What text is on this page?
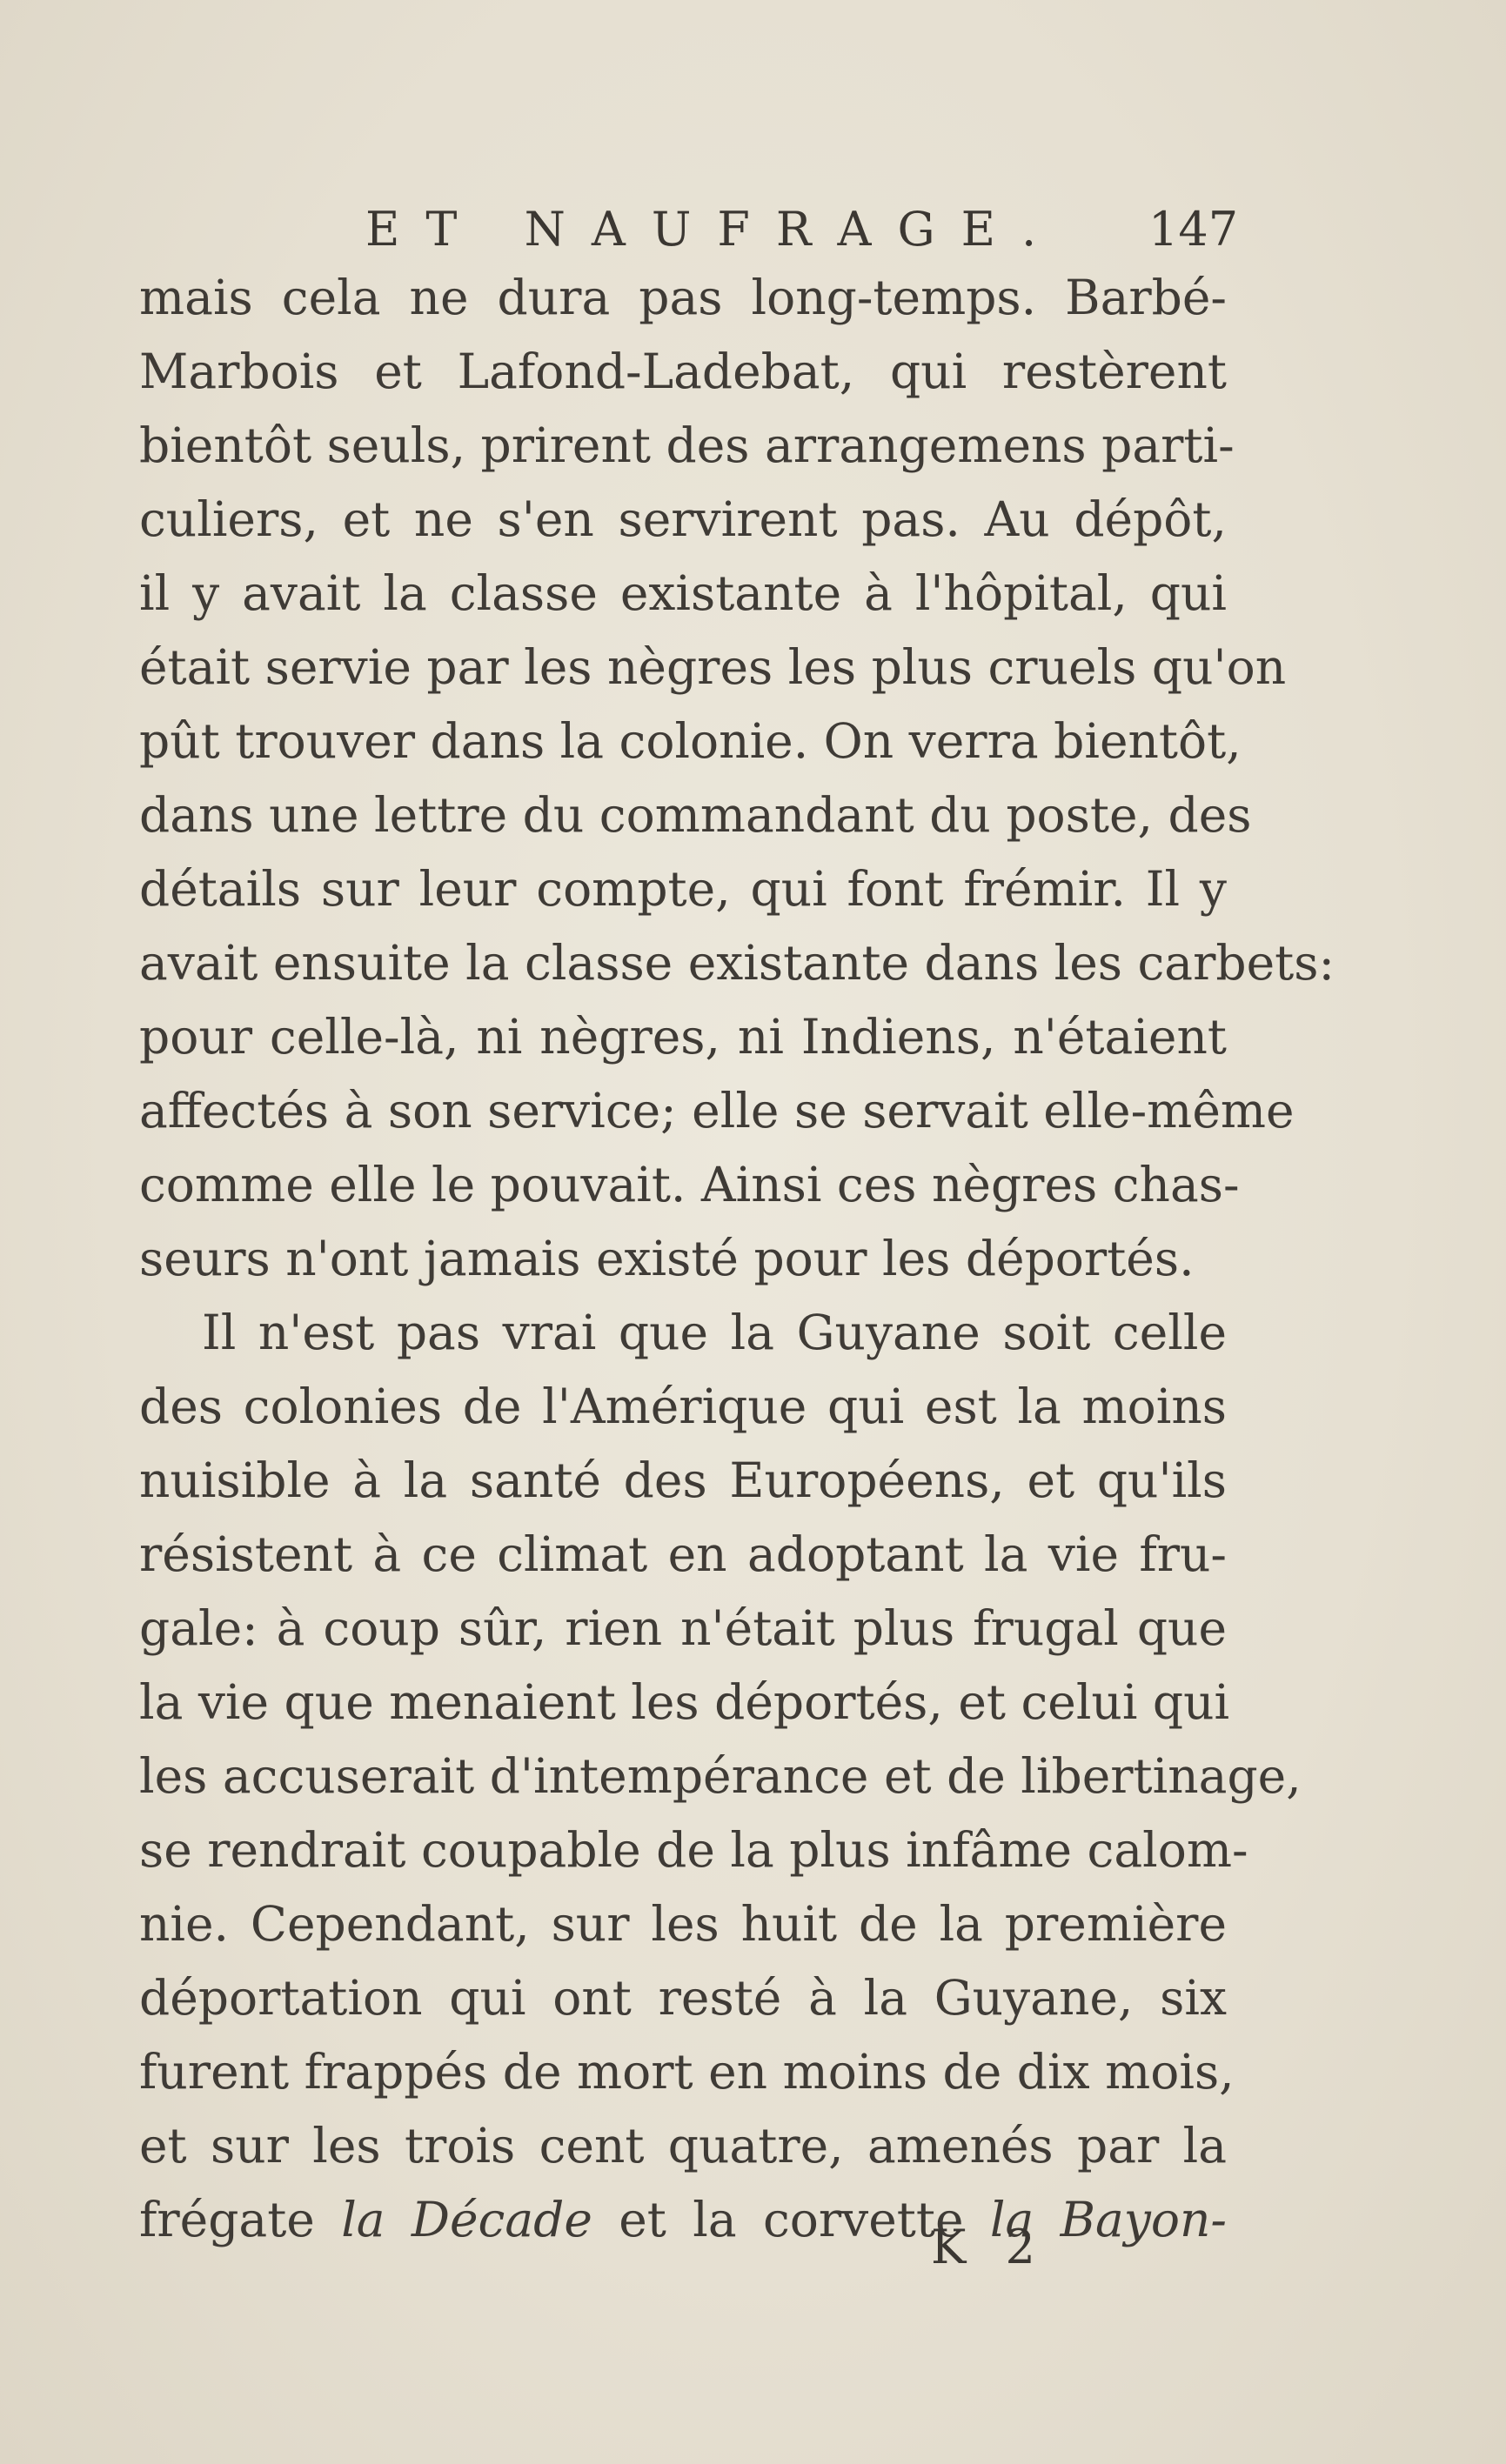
ET NAUFRAGE. 147
mais cela ne dura pas long-temps. Barbé-
Marbois et Lafond-Ladebat, qui restèrent
bientôt seuls, prirent des arrangemens parti-
culiers, et ne s'en servirent pas. Au dépôt,
il y avait la classe existante à l'hôpital, qui
était servie par les nègres les plus cruels qu'on
pût trouver dans la colonie. On verra bientôt,
dans une lettre du commandant du poste, des
détails sur leur compte, qui font frémir. Il y
avait ensuite la classe existante dans les carbets:
pour celle-là, ni nègres, ni Indiens, n'étaient
affectés à son service; elle se servait elle-même
comme elle le pouvait. Ainsi ces nègres chas-
seurs n'ont jamais existé pour les déportés.
Il n'est pas vrai que la Guyane soit celle
des colonies de l'Amérique qui est la moins
nuisible à la santé des Européens, et qu'ils
résistent à ce climat en adoptant la vie fru-
gale: à coup sûr, rien n'était plus frugal que
la vie que menaient les déportés, et celui qui
les accuserait d'intempérance et de libertinage,
se rendrait coupable de la plus infâme calom-
nie. Cependant, sur les huit de la première
déportation qui ont resté à la Guyane, six
furent frappés de mort en moins de dix mois,
et sur les trois cent quatre, amenés par la
frégate la Décade et la corvette la Bayon-
K 2
